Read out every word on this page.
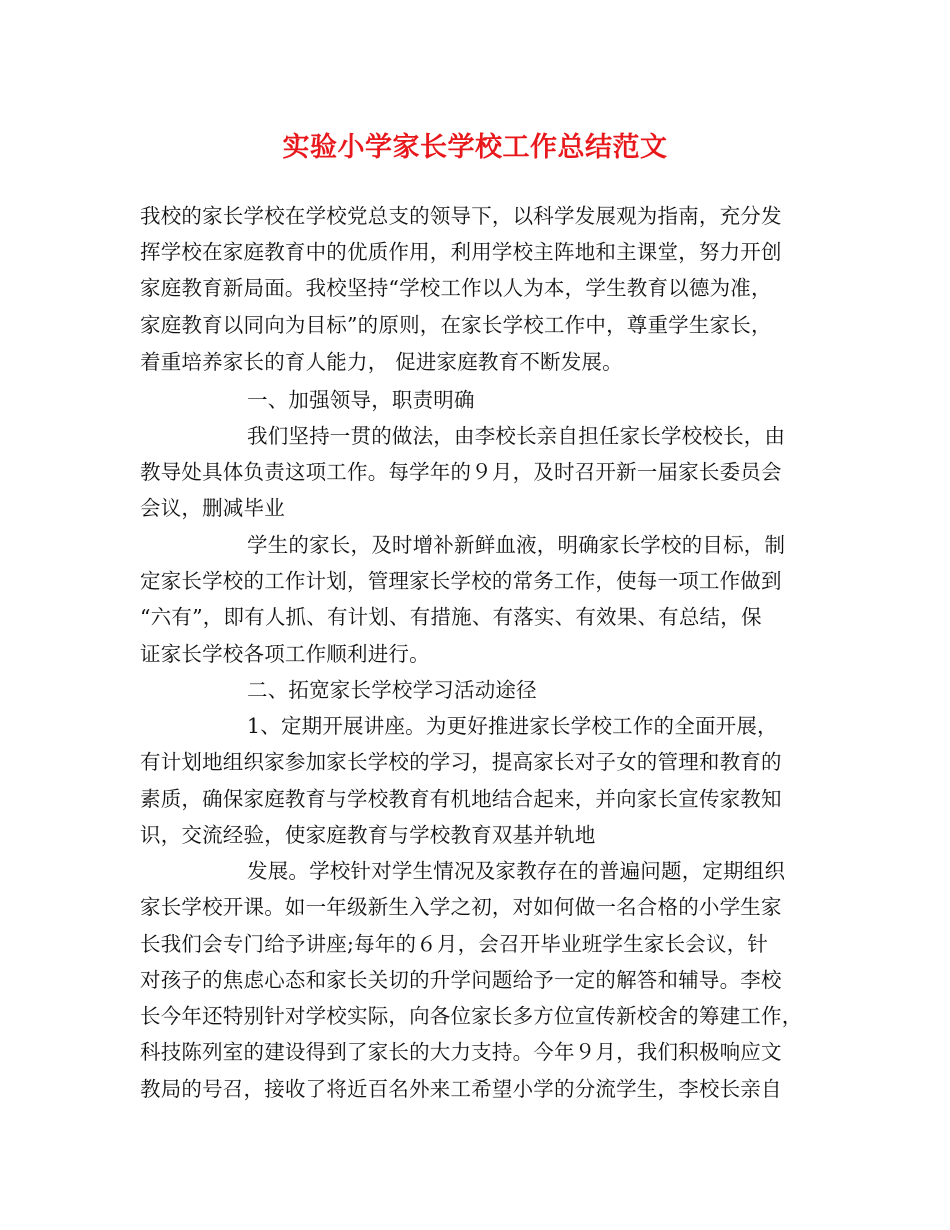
实验小学家长学校工作总结范文
我校的家长学校在学校党总支的领导下，以科学发展观为指南，充分发
挥学校在家庭教育中的优质作用，利用学校主阵地和主课堂，努力开创
家庭教育新局面。我校坚持“学校工作以人为本，学生教育以德为准，
家庭教育以同向为目标”的原则，在家长学校工作中，尊重学生家长，
着重培养家长的育人能力， 促进家庭教育不断发展。
一、加强领导，职责明确
我们坚持一贯的做法，由李校长亲自担任家长学校校长，由
教导处具体负责这项工作。每学年的９月，及时召开新一届家长委员会
会议，删减毕业
学生的家长，及时增补新鲜血液，明确家长学校的目标，制
定家长学校的工作计划，管理家长学校的常务工作，使每一项工作做到
“六有”，即有人抓、有计划、有措施、有落实、有效果、有总结，保
证家长学校各项工作顺利进行。
二、拓宽家长学校学习活动途径
1、定期开展讲座。为更好推进家长学校工作的全面开展，
有计划地组织家参加家长学校的学习，提高家长对子女的管理和教育的
素质，确保家庭教育与学校教育有机地结合起来，并向家长宣传家教知
识，交流经验，使家庭教育与学校教育双基并轨地
发展。学校针对学生情况及家教存在的普遍问题，定期组织
家长学校开课。如一年级新生入学之初，对如何做一名合格的小学生家
长我们会专门给予讲座;每年的６月，会召开毕业班学生家长会议，针
对孩子的焦虑心态和家长关切的升学问题给予一定的解答和辅导。李校
长今年还特别针对学校实际，向各位家长多方位宣传新校舍的筹建工作，
科技陈列室的建设得到了家长的大力支持。今年９月，我们积极响应文
教局的号召，接收了将近百名外来工希望小学的分流学生，李校长亲自
